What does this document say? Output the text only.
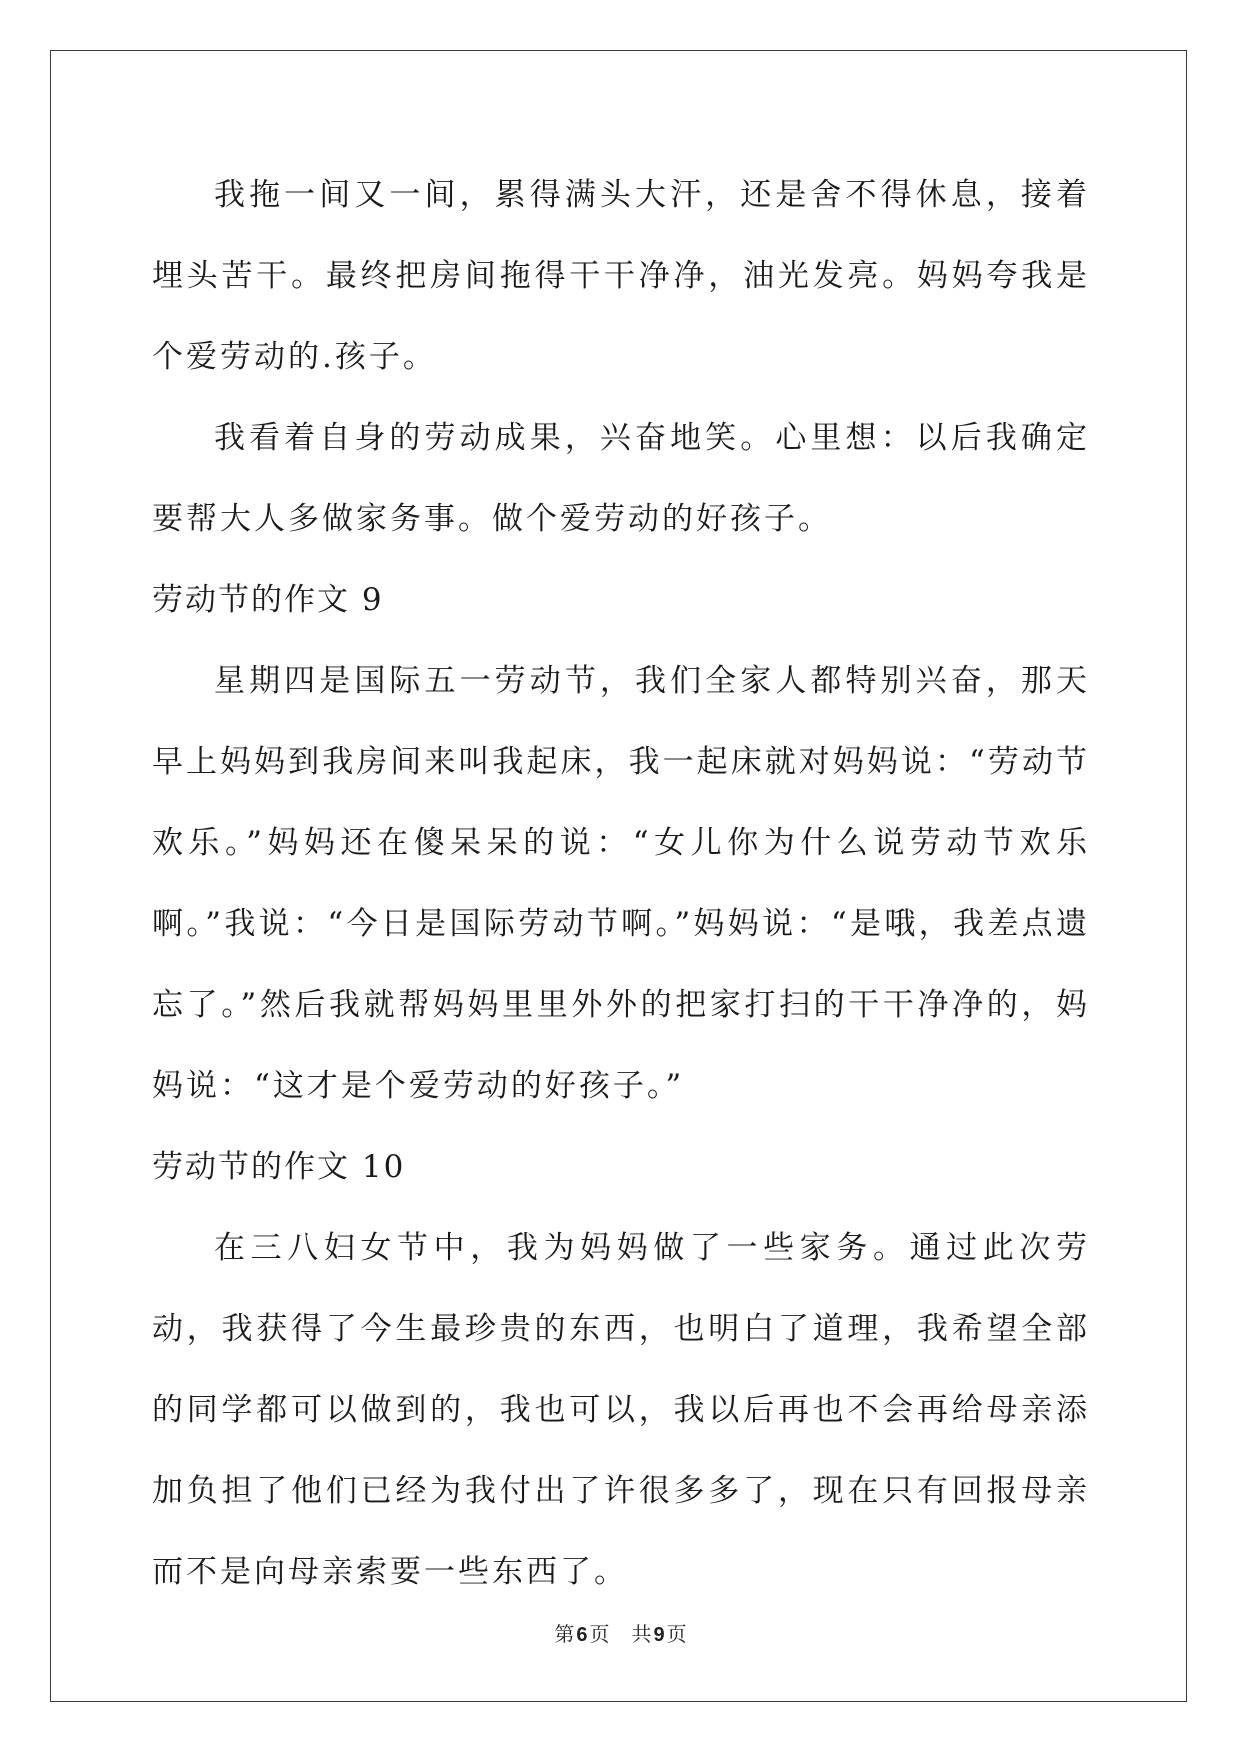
我拖一间又一间，累得满头大汗，还是舍不得休息，接着埋头苦干。最终把房间拖得干干净净，油光发亮。妈妈夸我是个爱劳动的.孩子。

我看着自身的劳动成果，兴奋地笑。心里想：以后我确定要帮大人多做家务事。做个爱劳动的好孩子。

劳动节的作文 9

星期四是国际五一劳动节，我们全家人都特别兴奋，那天早上妈妈到我房间来叫我起床，我一起床就对妈妈说：“劳动节欢乐。”妈妈还在傻呆呆的说：“女儿你为什么说劳动节欢乐啊。”我说：“今日是国际劳动节啊。”妈妈说：“是哦，我差点遗忘了。”然后我就帮妈妈里里外外的把家打扫的干干净净的，妈妈说：“这才是个爱劳动的好孩子。”

劳动节的作文 10

在三八妇女节中，我为妈妈做了一些家务。通过此次劳动，我获得了今生最珍贵的东西，也明白了道理，我希望全部的同学都可以做到的，我也可以，我以后再也不会再给母亲添加负担了他们已经为我付出了许很多多了，现在只有回报母亲而不是向母亲索要一些东西了。

第 6 页 共 9 页
